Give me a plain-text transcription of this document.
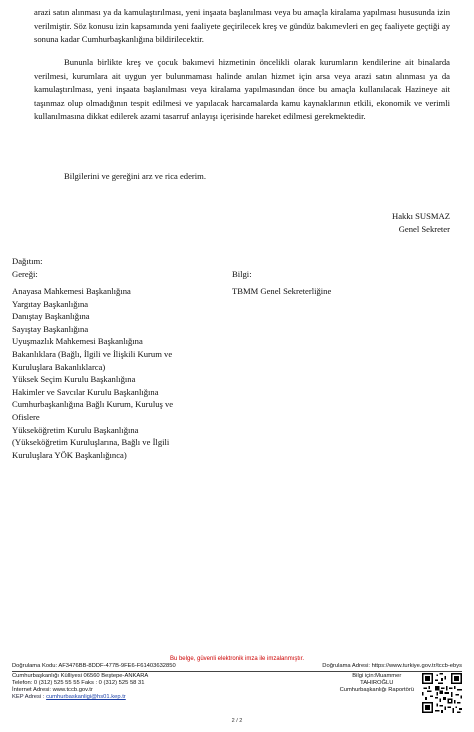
arazi satın alınması ya da kamulaştırılması, yeni inşaata başlanılması veya bu amaçla kiralama yapılması hususunda izin verilmiştir. Söz konusu izin kapsamında yeni faaliyete geçirilecek kreş ve gündüz bakımevleri en geç faaliyete geçtiği ay sonuna kadar Cumhurbaşkanlığına bildirilecektir.
Bununla birlikte kreş ve çocuk bakımevi hizmetinin öncelikli olarak kurumların kendilerine ait binalarda verilmesi, kurumlara ait uygun yer bulunmaması halinde anılan hizmet için arsa veya arazi satın alınması ya da kamulaştırılması, yeni inşaata başlanılması veya kiralama yapılmasından önce bu amaçla kullanılacak Hazineye ait taşınmaz olup olmadığının tespit edilmesi ve yapılacak harcamalarda kamu kaynaklarının etkili, ekonomik ve verimli kullanılmasına dikkat edilerek azami tasarruf anlayışı içerisinde hareket edilmesi gerekmektedir.
Bilgilerini ve gereğini arz ve rica ederim.
Hakkı SUSMAZ
Genel Sekreter
Dağıtım:
Gereği:	Bilgi:
Anayasa Mahkemesi Başkanlığına
Yargıtay Başkanlığına
Danıştay Başkanlığına
Sayıştay Başkanlığına
Uyuşmazlık Mahkemesi Başkanlığına
Bakanlıklara (Bağlı, İlgili ve İlişkili Kurum ve
Kuruluşlara Bakanlıklarca)
Yüksek Seçim Kurulu Başkanlığına
Hakimler ve Savcılar Kurulu Başkanlığına
Cumhurbaşkanlığına Bağlı Kurum, Kuruluş ve
Ofislere
Yükseköğretim Kurulu Başkanlığına
(Yükseköğretim Kuruluşlarına, Bağlı ve İlgili
Kuruluşlara YÖK Başkanlığınca)
TBMM Genel Sekreterliğine
Bu belge, güvenli elektronik imza ile imzalanmıştır.
Doğrulama Kodu: AF3476BB-8DDF-477B-9FE6-F61403632850	Doğrulama Adresi: https://www.turkiye.gov.tr/tccb-ebys
Cumhurbaşkanlığı Külliyesi 06560 Beştepe-ANKARA
Telefon: 0 (312) 525 55 55 Faks : 0 (312) 525 58 31
İnternet Adresi: www.tccb.gov.tr
KEP Adresi : cumhurbaskanligi@hs01.kep.tr
Bilgi için:Muammer
TAHIROĞLU
Cumhurbaşkanlığı Raportörü
2 / 2
